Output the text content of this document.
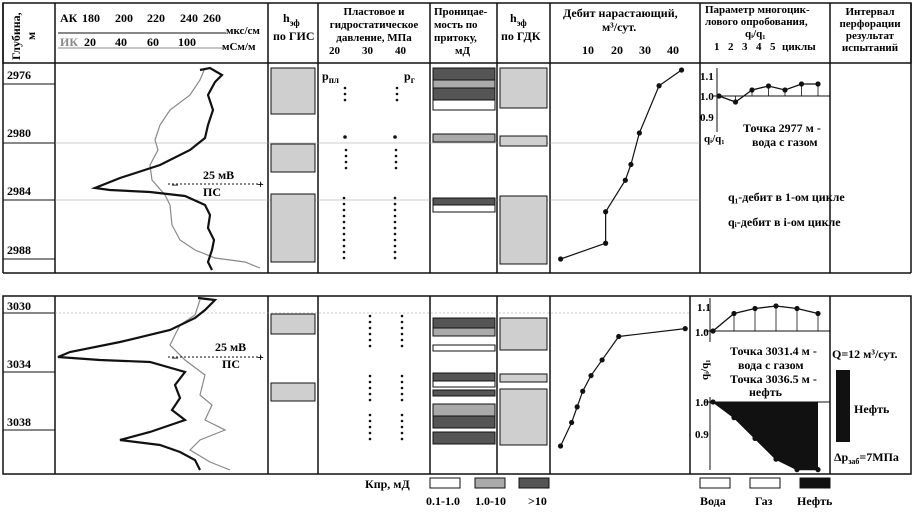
Глубина, м
АК 180 200 220 240 260
мкс/см
ИК 20 40 60 100 мСм/м
$h_{эф}$
по ГИС
Пластовое и
гидростатическое
давление, МПа
20 30 40
Проницае-
мость по
притоку,
мД
$h_{эф}$
по ГДК
Дебит нарастающий,
м³/сут.
10 20 30 40
Параметр многоцик-
лового опробования,
qᵢ/q₁
1 2 3 4 5 циклы
Интервал
перфорации
результат
испытаний
2976
2980
2984
2988
25 мВ
ПС
–	+
$p_{пл}$	$p_г$	1.1
1.0
0.9
qᵢ/q₁
Точка 2977 м -
вода с газом
q₁-дебит в 1-ом цикле
qᵢ-дебит в i-ом цикле
3030
3034
3038
25 мВ
ПС
–	+
1.1
1.0
qᵢ/q₁
Точка 3031.4 м -
вода с газом
Точка 3036.5 м -
нефть
1.0
0.9
Q=12 м³/сут.
Нефть
$\Delta p_{заб}=7МПа$
Кпр, мД
0.1-1.0 1.0-10 >10	Вода Газ Нефть
